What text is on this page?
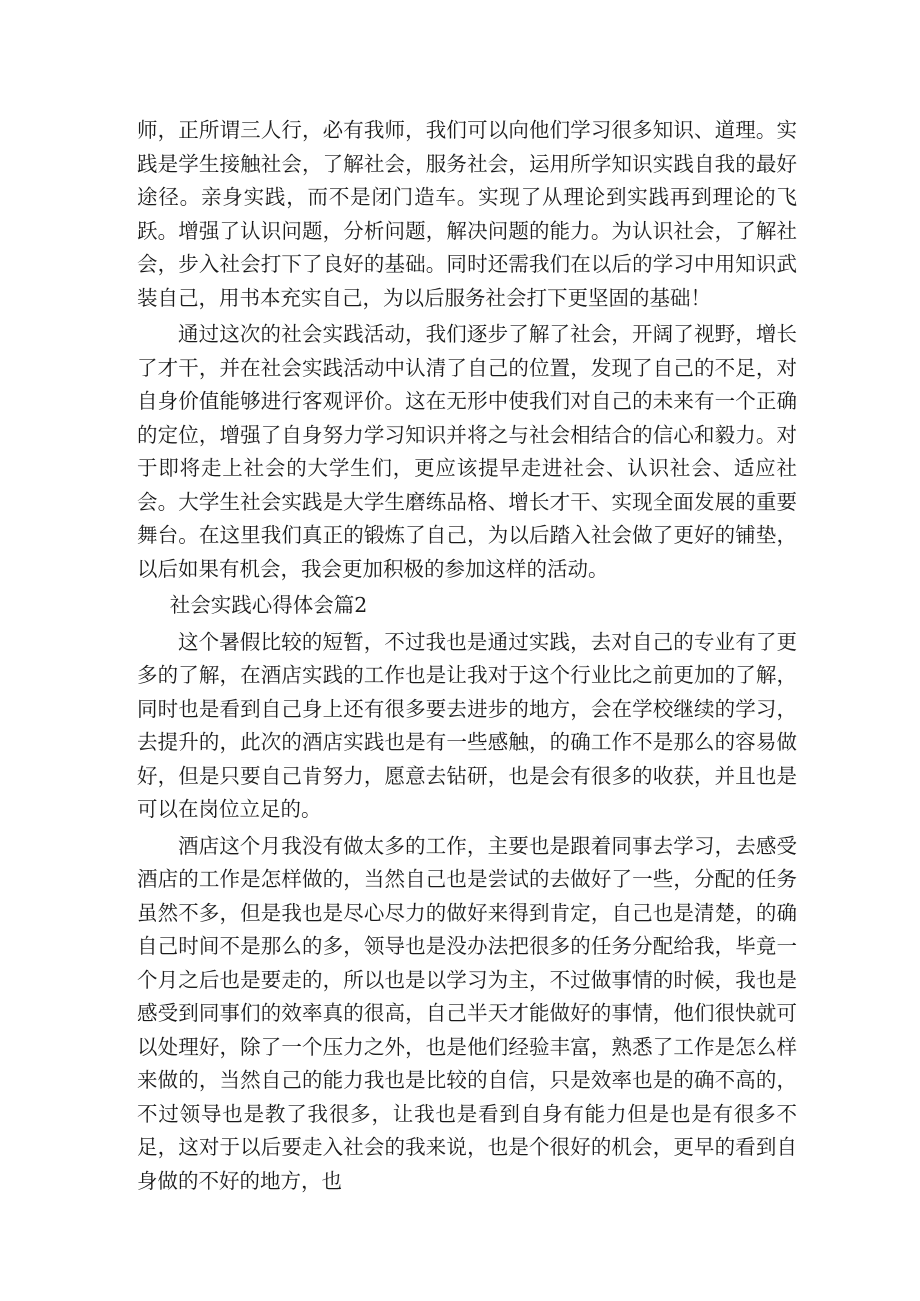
师，正所谓三人行，必有我师，我们可以向他们学习很多知识、道理。实践是学生接触社会，了解社会，服务社会，运用所学知识实践自我的最好途径。亲身实践，而不是闭门造车。实现了从理论到实践再到理论的飞跃。增强了认识问题，分析问题，解决问题的能力。为认识社会，了解社会，步入社会打下了良好的基础。同时还需我们在以后的学习中用知识武装自己，用书本充实自己，为以后服务社会打下更坚固的基础！

通过这次的社会实践活动，我们逐步了解了社会，开阔了视野，增长了才干，并在社会实践活动中认清了自己的位置，发现了自己的不足，对自身价值能够进行客观评价。这在无形中使我们对自己的未来有一个正确的定位，增强了自身努力学习知识并将之与社会相结合的信心和毅力。对于即将走上社会的大学生们，更应该提早走进社会、认识社会、适应社会。大学生社会实践是大学生磨练品格、增长才干、实现全面发展的重要舞台。在这里我们真正的锻炼了自己，为以后踏入社会做了更好的铺垫，以后如果有机会，我会更加积极的参加这样的活动。

社会实践心得体会篇2

这个暑假比较的短暂，不过我也是通过实践，去对自己的专业有了更多的了解，在酒店实践的工作也是让我对于这个行业比之前更加的了解，同时也是看到自己身上还有很多要去进步的地方，会在学校继续的学习，去提升的，此次的酒店实践也是有一些感触，的确工作不是那么的容易做好，但是只要自己肯努力，愿意去钻研，也是会有很多的收获，并且也是可以在岗位立足的。

酒店这个月我没有做太多的工作，主要也是跟着同事去学习，去感受酒店的工作是怎样做的，当然自己也是尝试的去做好了一些，分配的任务虽然不多，但是我也是尽心尽力的做好来得到肯定，自己也是清楚，的确自己时间不是那么的多，领导也是没办法把很多的任务分配给我，毕竟一个月之后也是要走的，所以也是以学习为主，不过做事情的时候，我也是感受到同事们的效率真的很高，自己半天才能做好的事情，他们很快就可以处理好，除了一个压力之外，也是他们经验丰富，熟悉了工作是怎么样来做的，当然自己的能力我也是比较的自信，只是效率也是的确不高的，不过领导也是教了我很多，让我也是看到自身有能力但是也是有很多不足，这对于以后要走入社会的我来说，也是个很好的机会，更早的看到自身做的不好的地方，也
